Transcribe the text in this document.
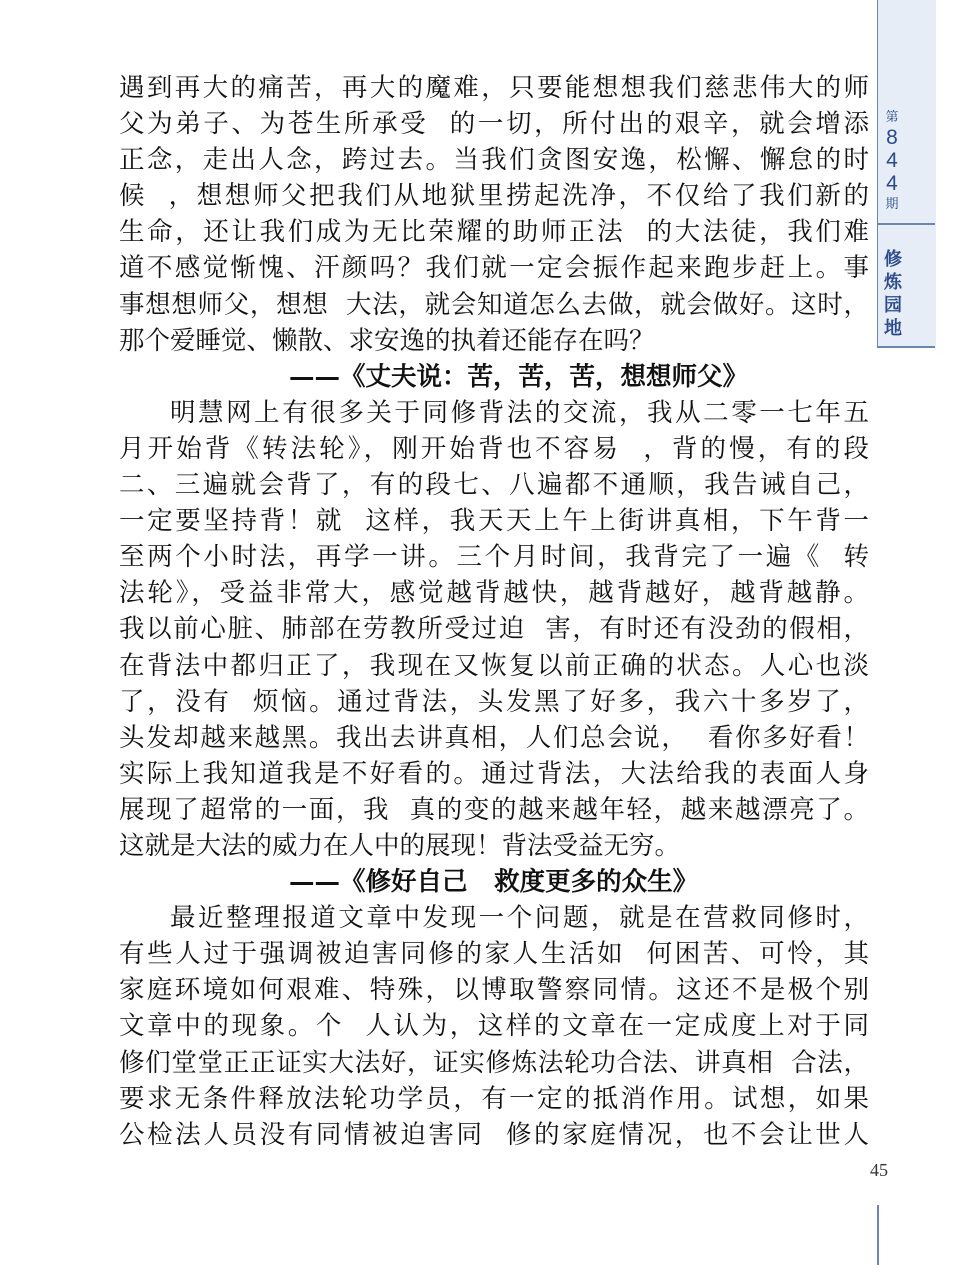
第
8
4
4
期
修
炼
园
地
遇到再大的痛苦，再大的魔难，只要能想想我们慈悲伟大的师
父为弟子、为苍生所承受  的一切，所付出的艰辛，就会增添
正念，走出人念，跨过去。当我们贪图安逸，松懈、懈怠的时
候  ，想想师父把我们从地狱里捞起洗净，不仅给了我们新的
生命，还让我们成为无比荣耀的助师正法  的大法徒，我们难
道不感觉惭愧、汗颜吗？我们就一定会振作起来跑步赶上。事
事想想师父，想想  大法，就会知道怎么去做，就会做好。这时，
那个爱睡觉、懒散、求安逸的执着还能存在吗？
——《丈夫说：苦，苦，苦，想想师父》
明慧网上有很多关于同修背法的交流，我从二零一七年五
月开始背《转法轮》，刚开始背也不容易  ，背的慢，有的段
二、三遍就会背了，有的段七、八遍都不通顺，我告诫自己，
一定要坚持背！就  这样，我天天上午上街讲真相，下午背一
至两个小时法，再学一讲。三个月时间，我背完了一遍《  转
法轮》，受益非常大，感觉越背越快，越背越好，越背越静。
我以前心脏、肺部在劳教所受过迫  害，有时还有没劲的假相，
在背法中都归正了，我现在又恢复以前正确的状态。人心也淡
了，没有  烦恼。通过背法，头发黑了好多，我六十多岁了，
头发却越来越黑。我出去讲真相，人们总会说，  看你多好看！
实际上我知道我是不好看的。通过背法，大法给我的表面人身
展现了超常的一面，我  真的变的越来越年轻，越来越漂亮了。
这就是大法的威力在人中的展现！背法受益无穷。
——《修好自己   救度更多的众生》
最近整理报道文章中发现一个问题，就是在营救同修时，
有些人过于强调被迫害同修的家人生活如  何困苦、可怜，其
家庭环境如何艰难、特殊，以博取警察同情。这还不是极个别
文章中的现象。个  人认为，这样的文章在一定成度上对于同
修们堂堂正正证实大法好，证实修炼法轮功合法、讲真相  合法，
要求无条件释放法轮功学员，有一定的抵消作用。试想，如果
公检法人员没有同情被迫害同  修的家庭情况，也不会让世人
45
